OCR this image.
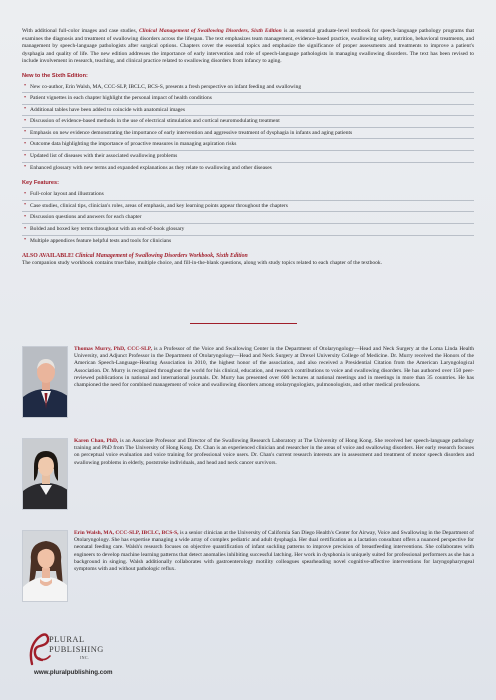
With additional full-color images and case studies, Clinical Management of Swallowing Disorders, Sixth Edition is an essential graduate-level textbook for speech-language pathology programs that examines the diagnosis and treatment of swallowing disorders across the lifespan. The text emphasizes team management, evidence-based practice, swallowing safety, nutrition, behavioral treatments, and management by speech-language pathologists after surgical options. Chapters cover the essential topics and emphasize the significance of proper assessments and treatments to improve a patient's dysphagia and quality of life. The new edition addresses the importance of early intervention and role of speech-language pathologists in managing swallowing disorders. The text has been revised to include involvement in research, teaching, and clinical practice related to swallowing disorders from infancy to aging.

New to the Sixth Edition:
• New co-author, Erin Walsh, MA, CCC-SLP, IBCLC, BCS-S, presents a fresh perspective on infant feeding and swallowing
• Patient vignettes in each chapter highlight the personal impact of health conditions
• Additional tables have been added to coincide with anatomical images
• Discussion of evidence-based methods in the use of electrical stimulation and cortical neuromodulating treatment
• Emphasis on new evidence demonstrating the importance of early intervention and aggressive treatment of dysphagia in infants and aging patients
• Outcome data highlighting the importance of proactive measures in managing aspiration risks
• Updated list of diseases with their associated swallowing problems
• Enhanced glossary with new terms and expanded explanations as they relate to swallowing and other diseases
Key Features:
• Full-color layout and illustrations
• Case studies, clinical tips, clinician's roles, areas of emphasis, and key learning points appear throughout the chapters
• Discussion questions and answers for each chapter
• Bolded and boxed key terms throughout with an end-of-book glossary
• Multiple appendices feature helpful tests and tools for clinicians
ALSO AVAILABLE! Clinical Management of Swallowing Disorders Workbook, Sixth Edition

The companion study workbook contains true/false, multiple choice, and fill-in-the-blank questions, along with study topics related to each chapter of the textbook.

Thomas Murry, PhD, CCC-SLP, is a Professor of the Voice and Swallowing Center in the Department of Otolaryngology—Head and Neck Surgery at the Loma Linda Health University, and Adjunct Professor in the Department of Otolaryngology—Head and Neck Surgery at Drexel University College of Medicine. Dr. Murry received the Honors of the American Speech-Language-Hearing Association in 2010, the highest honor of the association, and also received a Presidential Citation from the American Laryngological Association. Dr. Murry is recognized throughout the world for his clinical, education, and research contributions to voice and swallowing disorders. He has authored over 150 peer-reviewed publications in national and international journals. Dr. Murry has presented over 600 lectures at national meetings and in meetings in more than 35 countries. He has championed the need for combined management of voice and swallowing disorders among otolaryngologists, pulmonologists, and other medical professions.

Karen Chan, PhD, is an Associate Professor and Director of the Swallowing Research Laboratory at The University of Hong Kong. She received her speech-language pathology training and PhD from The University of Hong Kong. Dr. Chan is an experienced clinician and researcher in the areas of voice and swallowing disorders. Her early research focuses on perceptual voice evaluation and voice training for professional voice users. Dr. Chan's current research interests are in assessment and treatment of motor speech disorders and swallowing problems in elderly, poststroke individuals, and head and neck cancer survivors.

Erin Walsh, MA, CCC-SLP, IBCLC, BCS-S, is a senior clinician at the University of California San Diego Health's Center for Airway, Voice and Swallowing in the Department of Otolaryngology. She has expertise managing a wide array of complex pediatric and adult dysphagia. Her dual certification as a lactation consultant offers a nuanced perspective for neonatal feeding care. Walsh's research focuses on objective quantification of infant suckling patterns to improve precision of breastfeeding interventions. She collaborates with engineers to develop machine learning patterns that detect anomalies inhibiting successful latching. Her work in dysphonia is uniquely suited for professional performers as she has a background in singing. Walsh additionally collaborates with gastroenterology motility colleagues spearheading novel cognitive-affective interventions for laryngopharyngeal symptoms with and without pathologic reflux.

PLURAL
PUBLISHING
INC.
www.pluralpublishing.com
